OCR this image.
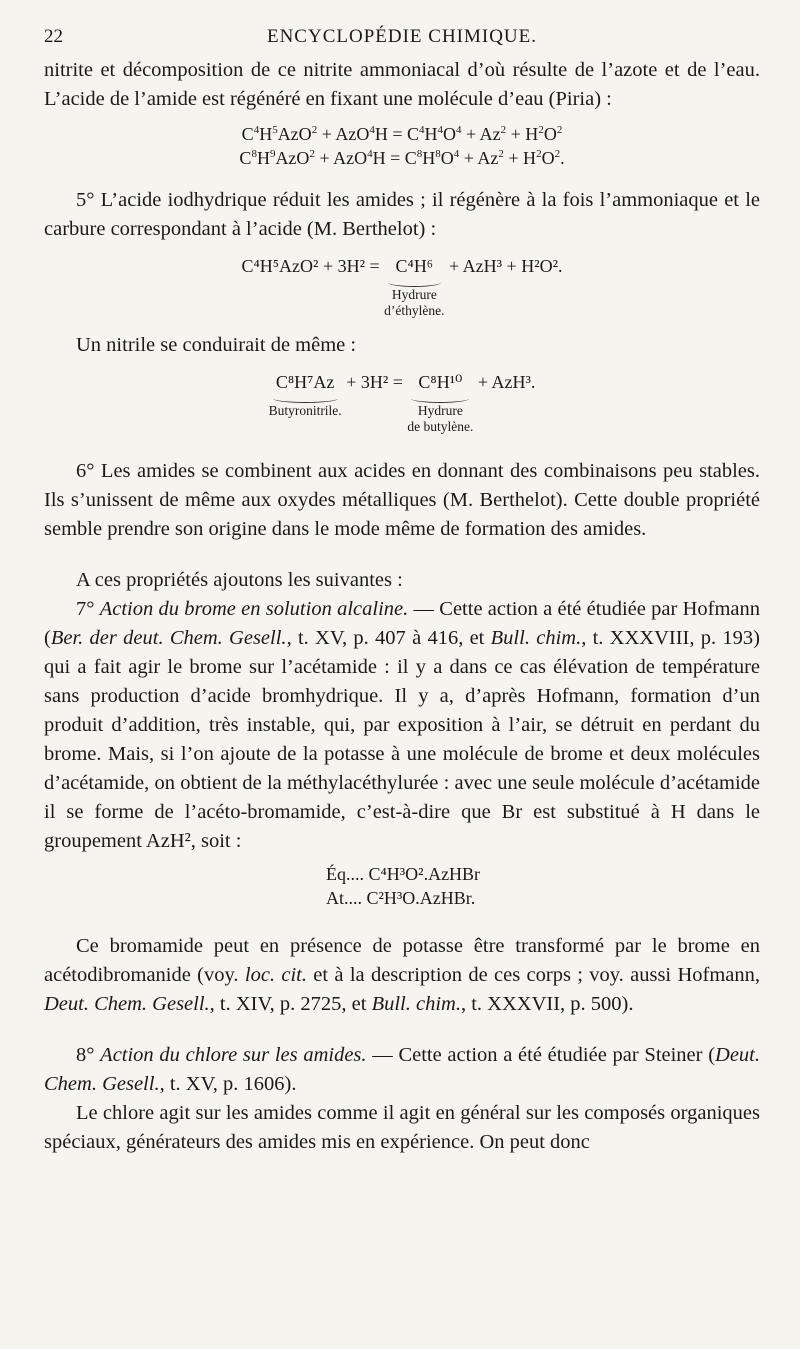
22	ENCYCLOPÉDIE CHIMIQUE.

nitrite et décomposition de ce nitrite ammoniacal d’où résulte de l’azote et de l’eau. L’acide de l’amide est régénéré en fixant une molécule d’eau (Piria) :

$C^4H^5AzO^2 + AzO^4H = C^4H^4O^4 + Az^2 + H^2O^2$
$C^8H^9AzO^2 + AzO^4H = C^8H^8O^4 + Az^2 + H^2O^2$.

5° L’acide iodhydrique réduit les amides ; il régénère à la fois l’ammoniaque et le carbure correspondant à l’acide (M. Berthelot) :

C⁴H⁵AzO² + 3H² = C⁴H⁶
Hydrure
d’éthylène.
+ AzH³ + H²O².

Un nitrile se conduirait de même :

C⁸H⁷Az
Butyronitrile.
+ 3H² = C⁸H¹⁰
Hydrure
de butylène.
+ AzH³.

6° Les amides se combinent aux acides en donnant des combinaisons peu stables. Ils s’unissent de même aux oxydes métalliques (M. Berthelot). Cette double propriété semble prendre son origine dans le mode même de formation des amides.

A ces propriétés ajoutons les suivantes :

7° Action du brome en solution alcaline. — Cette action a été étudiée par Hofmann (Ber. der deut. Chem. Gesell., t. XV, p. 407 à 416, et Bull. chim., t. XXXVIII, p. 193) qui a fait agir le brome sur l’acétamide : il y a dans ce cas élévation de température sans production d’acide bromhydrique. Il y a, d’après Hofmann, formation d’un produit d’addition, très instable, qui, par exposition à l’air, se détruit en perdant du brome. Mais, si l’on ajoute de la potasse à une molécule de brome et deux molécules d’acétamide, on obtient de la méthylacéthylurée : avec une seule molécule d’acétamide il se forme de l’acéto-bromamide, c’est-à-dire que Br est substitué à H dans le groupement AzH², soit :

Éq.... C⁴H³O².AzHBr
At.... C²H³O.AzHBr.

Ce bromamide peut en présence de potasse être transformé par le brome en acétodibromanide (voy. loc. cit. et à la description de ces corps ; voy. aussi Hofmann, Deut. Chem. Gesell., t. XIV, p. 2725, et Bull. chim., t. XXXVII, p. 500).

8° Action du chlore sur les amides. — Cette action a été étudiée par Steiner (Deut. Chem. Gesell., t. XV, p. 1606).

Le chlore agit sur les amides comme il agit en général sur les composés organiques spéciaux, générateurs des amides mis en expérience. On peut donc
